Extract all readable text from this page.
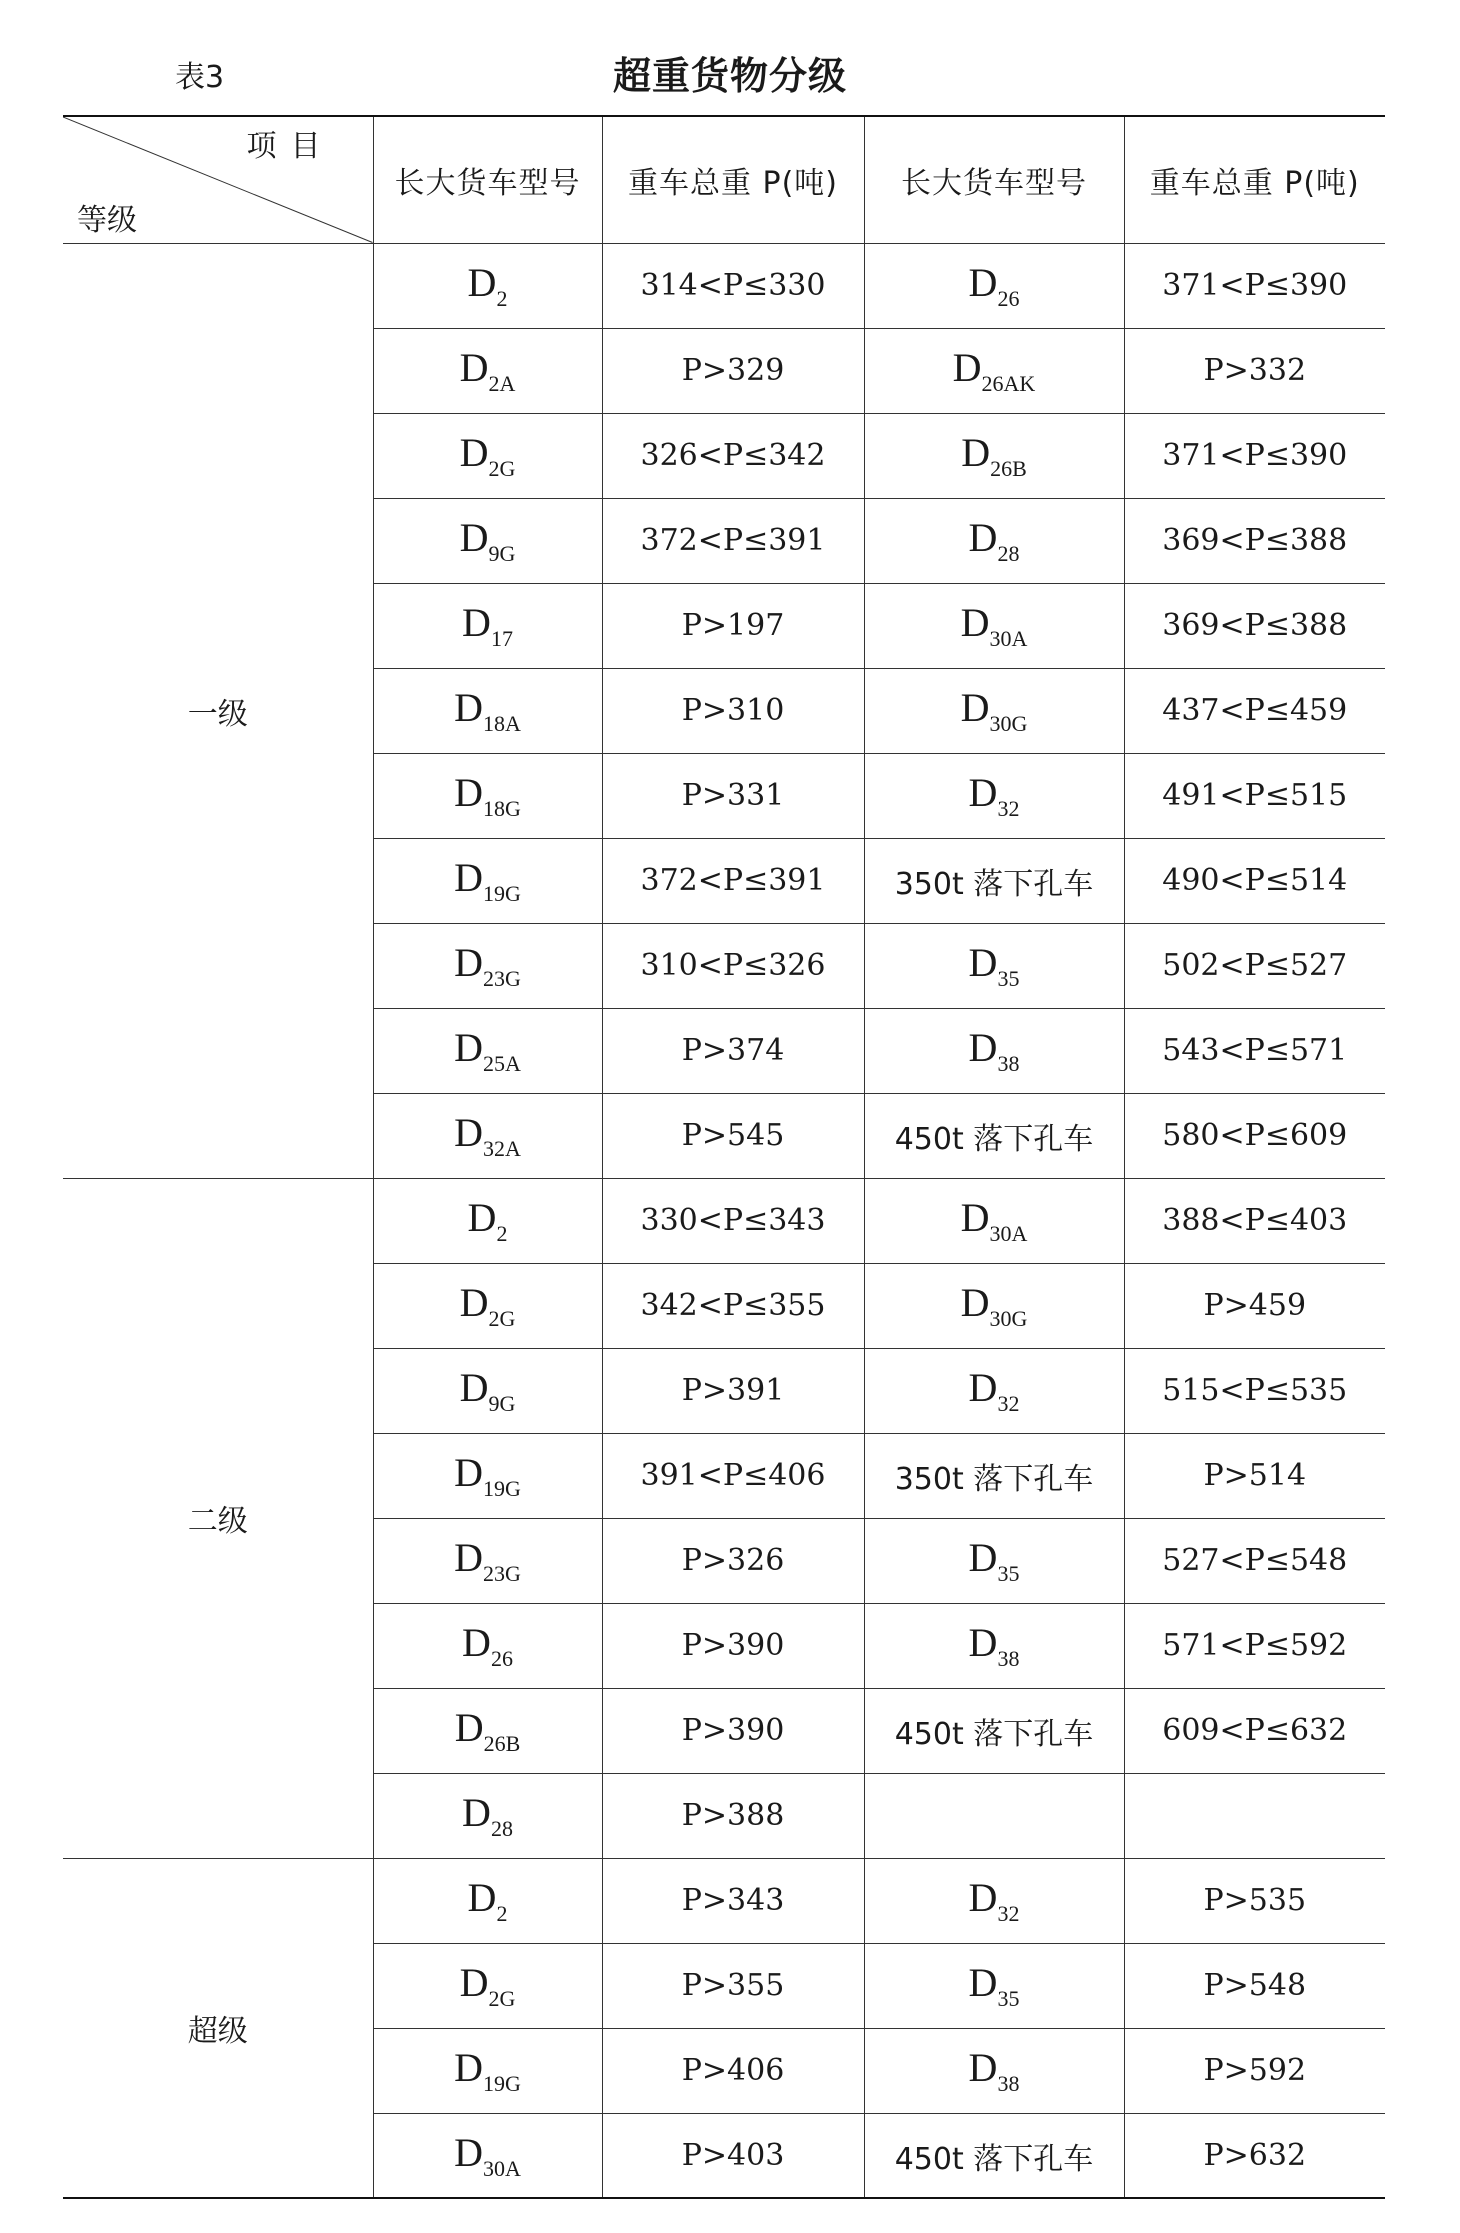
表3	超重货物分级
项目
等级	长大货车型号	重车总重 P(吨)	长大货车型号	重车总重 P(吨)
一级	$D_2$	314<P≤330	$D_{26}$	371<P≤390
	$D_{2A}$	P>329	$D_{26AK}$	P>332
	$D_{2G}$	326<P≤342	$D_{26B}$	371<P≤390
	$D_{9G}$	372<P≤391	$D_{28}$	369<P≤388
	$D_{17}$	P>197	$D_{30A}$	369<P≤388
	$D_{18A}$	P>310	$D_{30G}$	437<P≤459
	$D_{18G}$	P>331	$D_{32}$	491<P≤515
	$D_{19G}$	372<P≤391	350t 落下孔车	490<P≤514
	$D_{23G}$	310<P≤326	$D_{35}$	502<P≤527
	$D_{25A}$	P>374	$D_{38}$	543<P≤571
	$D_{32A}$	P>545	450t 落下孔车	580<P≤609
二级	$D_2$	330<P≤343	$D_{30A}$	388<P≤403
	$D_{2G}$	342<P≤355	$D_{30G}$	P>459
	$D_{9G}$	P>391	$D_{32}$	515<P≤535
	$D_{19G}$	391<P≤406	350t 落下孔车	P>514
	$D_{23G}$	P>326	$D_{35}$	527<P≤548
	$D_{26}$	P>390	$D_{38}$	571<P≤592
	$D_{26B}$	P>390	450t 落下孔车	609<P≤632
	$D_{28}$	P>388		
超级	$D_2$	P>343	$D_{32}$	P>535
	$D_{2G}$	P>355	$D_{35}$	P>548
	$D_{19G}$	P>406	$D_{38}$	P>592
	$D_{30A}$	P>403	450t 落下孔车	P>632
